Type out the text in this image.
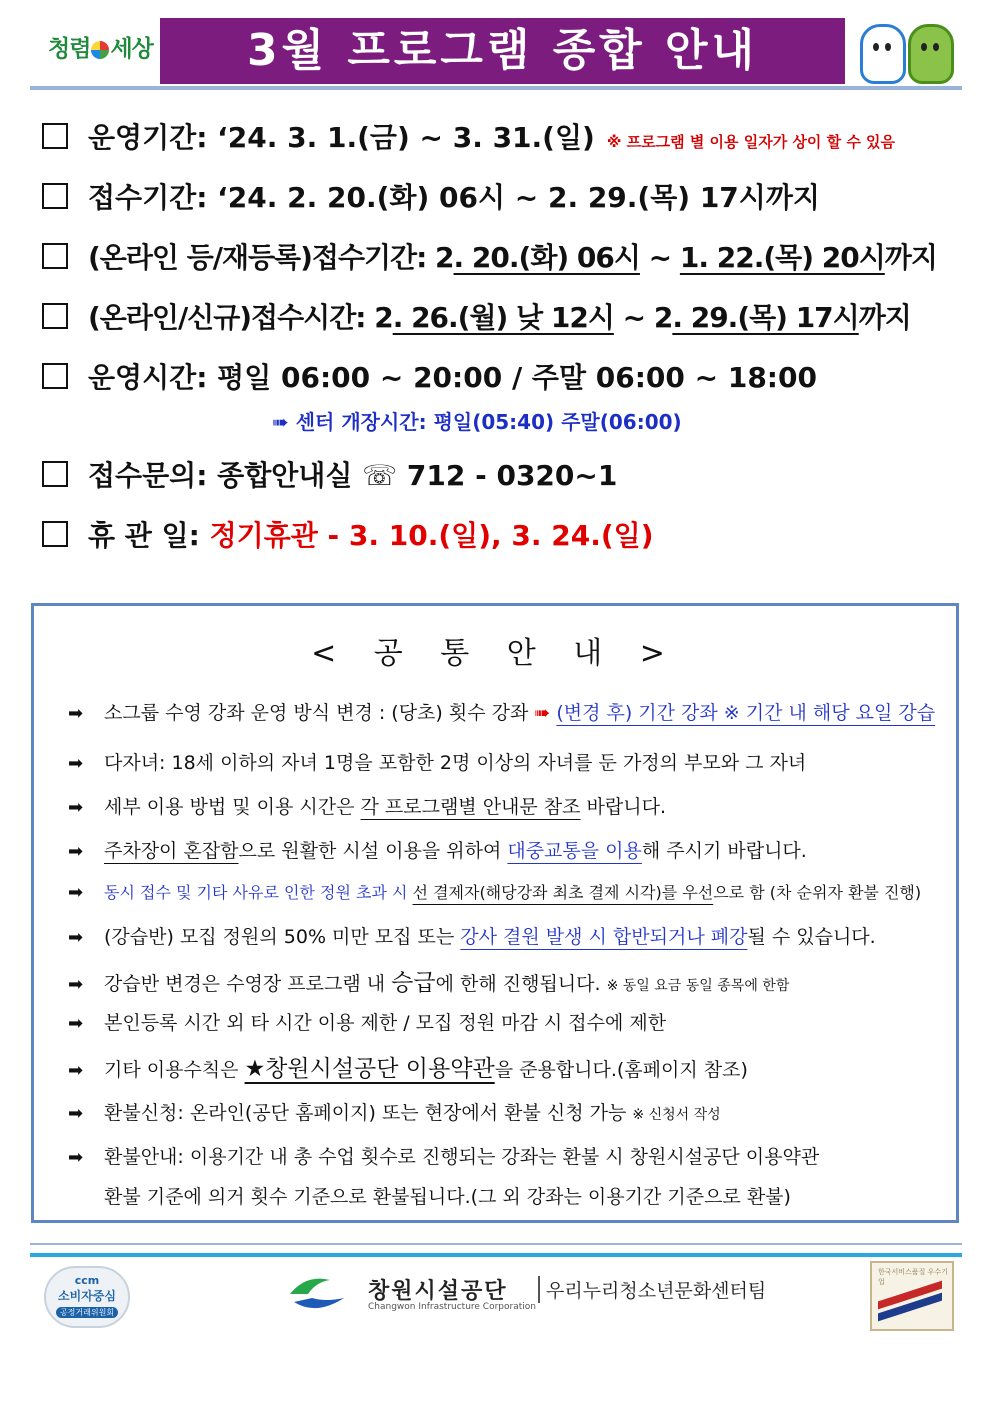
청렴 세상	3월 프로그램 종합 안내
운영기간: ‘24. 3. 1.(금) ~ 3. 31.(일) ※ 프로그램 별 이용 일자가 상이 할 수 있음
접수기간: ‘24. 2. 20.(화) 06시 ~ 2. 29.(목) 17시까지
(온라인 등/재등록)접수기간: 2. 20.(화) 06시 ~ 1. 22.(목) 20시까지
(온라인/신규)접수시간: 2. 26.(월) 낮 12시 ~ 2. 29.(목) 17시까지
운영시간: 평일 06:00 ~ 20:00 / 주말 06:00 ~ 18:00
➠ 센터 개장시간: 평일(05:40) 주말(06:00)
접수문의: 종합안내실 ☏ 712 - 0320~1
휴 관 일: 정기휴관 - 3. 10.(일), 3. 24.(일)
< 공 통 안 내 >
➡ 소그룹 수영 강좌 운영 방식 변경 : (당초) 횟수 강좌 ➠ (변경 후) 기간 강좌 ※ 기간 내 해당 요일 강습
➡ 다자녀: 18세 이하의 자녀 1명을 포함한 2명 이상의 자녀를 둔 가정의 부모와 그 자녀
➡ 세부 이용 방법 및 이용 시간은 각 프로그램별 안내문 참조 바랍니다.
➡ 주차장이 혼잡함으로 원활한 시설 이용을 위하여 대중교통을 이용해 주시기 바랍니다.
➡ 동시 접수 및 기타 사유로 인한 정원 초과 시 선 결제자(해당강좌 최초 결제 시각)를 우선으로 함 (차 순위자 환불 진행)
➡ (강습반) 모집 정원의 50% 미만 모집 또는 강사 결원 발생 시 합반되거나 폐강될 수 있습니다.
➡ 강습반 변경은 수영장 프로그램 내 승급에 한해 진행됩니다. ※ 동일 요금 동일 종목에 한함
➡ 본인등록 시간 외 타 시간 이용 제한 / 모집 정원 마감 시 접수에 제한
➡ 기타 이용수칙은 ★창원시설공단 이용약관을 준용합니다.(홈페이지 참조)
➡ 환불신청: 온라인(공단 홈페이지) 또는 현장에서 환불 신청 가능 ※ 신청서 작성
➡ 환불안내: 이용기간 내 총 수업 횟수로 진행되는 강좌는 환불 시 창원시설공단 이용약관
환불 기준에 의거 횟수 기준으로 환불됩니다.(그 외 강좌는 이용기간 기준으로 환불)
ccm
소비자중심
공정거래위원회
창원시설공단
Changwon Infrastructure Corporation
우리누리청소년문화센터팀
한국서비스품질 우수기업
